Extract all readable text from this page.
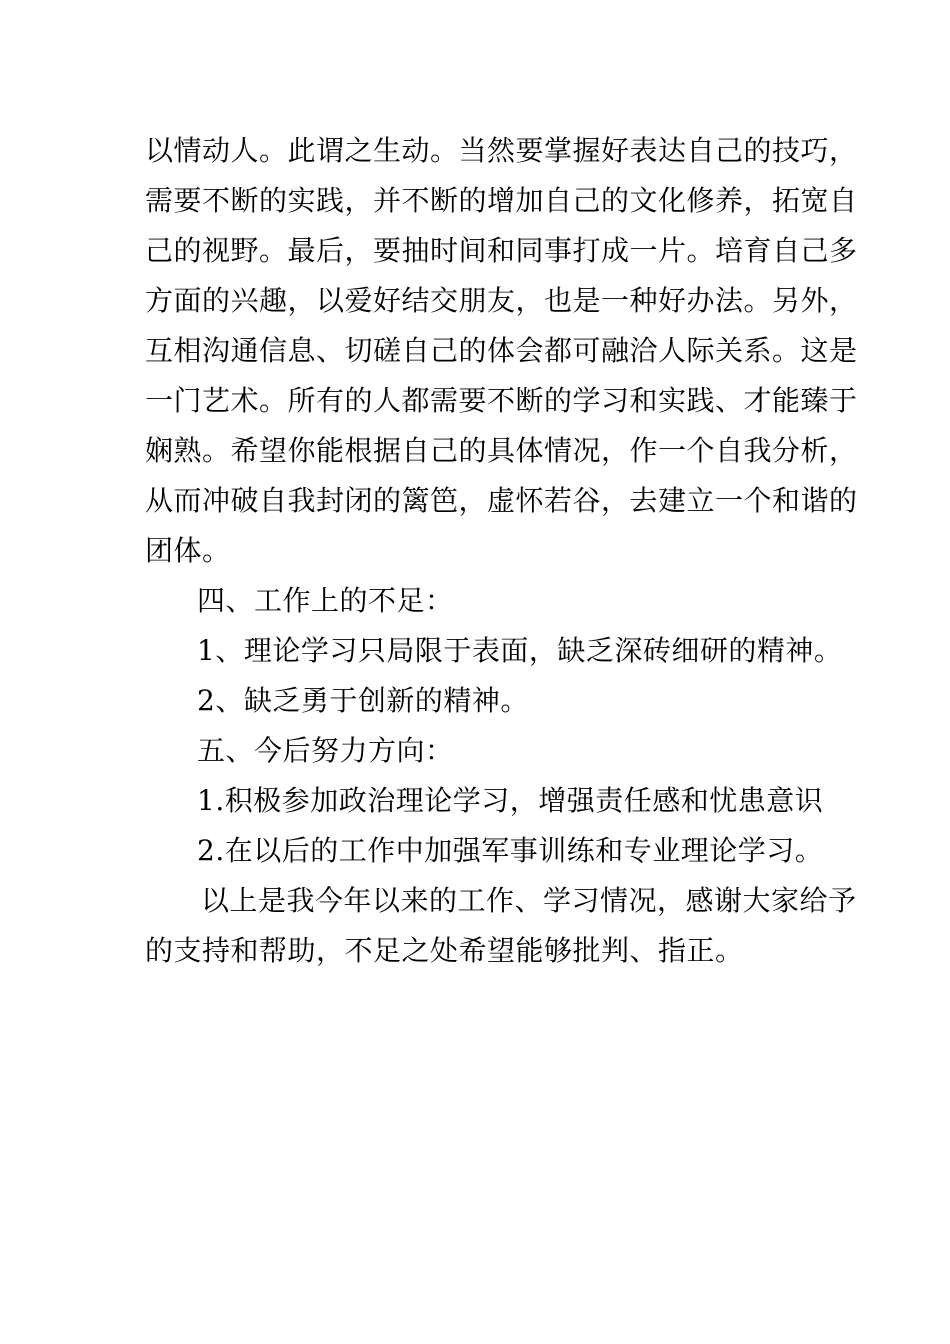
以情动人。此谓之生动。当然要掌握好表达自己的技巧，
需要不断的实践，并不断的增加自己的文化修养，拓宽自
己的视野。最后，要抽时间和同事打成一片。培育自己多
方面的兴趣，以爱好结交朋友，也是一种好办法。另外，
互相沟通信息、切磋自己的体会都可融洽人际关系。这是
一门艺术。所有的人都需要不断的学习和实践、才能臻于
娴熟。希望你能根据自己的具体情况，作一个自我分析，
从而冲破自我封闭的篱笆，虚怀若谷，去建立一个和谐的
团体。
四、工作上的不足：
1、理论学习只局限于表面，缺乏深砖细研的精神。
2、缺乏勇于创新的精神。
五、今后努力方向：
1.积极参加政治理论学习，增强责任感和忧患意识
2.在以后的工作中加强军事训练和专业理论学习。
以上是我今年以来的工作、学习情况，感谢大家给予
的支持和帮助，不足之处希望能够批判、指正。
